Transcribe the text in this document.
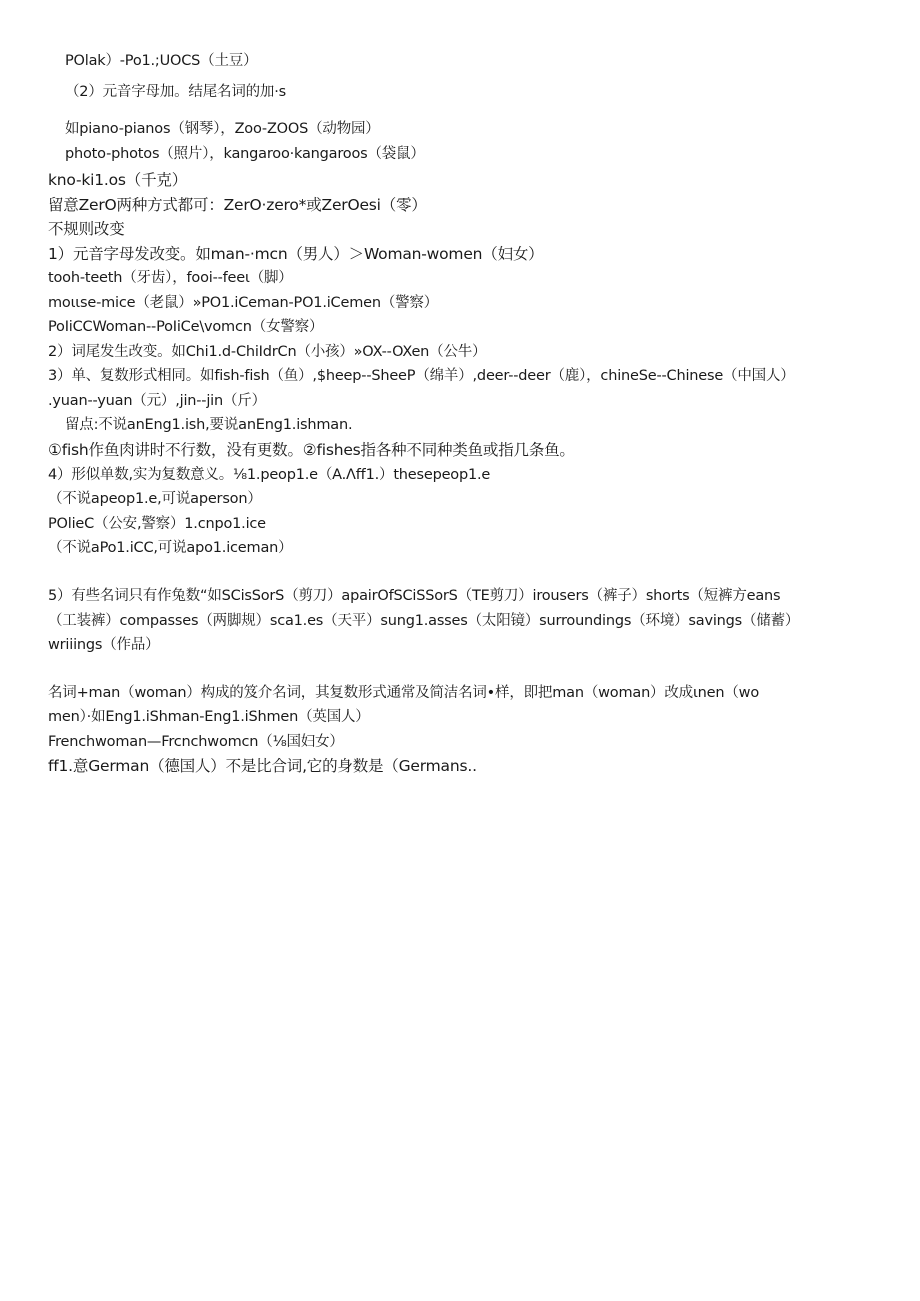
POlak）-Po1.;UOCS（土豆）
（2）元音字母加。结尾名词的加·s
如piano-pianos（钢琴），Zoo-ZOOS（动物园）
photo-photos（照片），kangaroo·kangaroos（袋鼠）
kno-ki1.os（千克）
留意ZerO两种方式都可：ZerO·zero*或ZerOesi（零）
不规则改变
1）元音字母发改变。如man-·mcn（男人）＞Woman-women（妇女）
tooh-teeth（牙齿），fooi--feeι（脚）
moιιse-mice（老鼠）»PO1.iCeman-PO1.iCemen（警察）
PoIiCCWoman--PoIiCe\vomcn（女警察）
2）词尾发生改变。如Chi1.d-ChiIdrCn（小孩）»OX--OXen（公牛）
3）单、复数形式相同。如fish-fish（鱼）,$heep--SheeP（绵羊）,deer--deer（鹿），chineSe--Chinese（中国人）
.yuan--yuan（元）,jin--jin（斤）
留点:不说anEng1.ish,要说anEng1.ishman.
①fish作鱼肉讲时不行数，没有更数。②fishes指各种不同种类鱼或指几条鱼。
4）形似单数,实为复数意义。⅛1.peop1.e（A.Λff1.）thesepeop1.e
（不说apeop1.e,可说aperson）
POlieC（公安,警察）1.cnpo1.ice
（不说aPo1.iCC,可说apo1.iceman）
5）有些名词只有作兔数“如SCisSorS（剪刀）apairOfSCiSSorS（TE剪刀）irousers（裤子）shorts（短裤方eans
（工装裤）compasses（两脚规）sca1.es（天平）sung1.asses（太阳镜）surroundings（环境）savings（储蓄）
wriiings（作品）
名词+man（woman）构成的笈介名词，其复数形式通常及简洁名词•样，即把man（woman）改成ιnen（wo
men）·如Eng1.iShman-Eng1.iShmen（英国人）
Frenchwoman—Frcnchwomcn（⅛国妇女）
ff1.意German（德国人）不是比合词,它的身数是（Germans..
